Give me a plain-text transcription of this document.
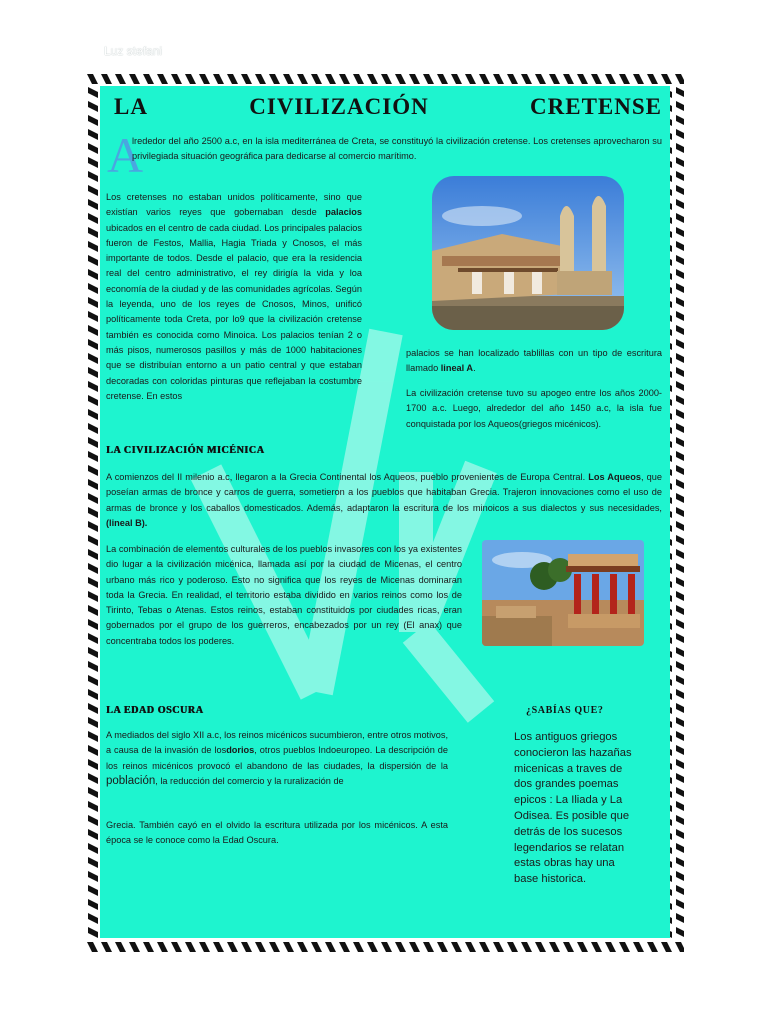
Luz stefani
LA	CIVILIZACIÓN	CRETENSE
A

lrededor del año 2500 a.c, en la isla mediterránea de Creta, se constituyó la civilización cretense. Los cretenses aprovecharon su privilegiada situación geográfica para dedicarse al comercio marítimo.

Los cretenses no estaban unidos políticamente, sino que existían varios reyes que gobernaban desde palacios ubicados en el centro de cada ciudad. Los principales palacios fueron de Festos, Mallia, Hagia Triada y Cnosos, el más importante de todos. Desde el palacio, que era la residencia real del centro administrativo, el rey dirigía la vida y loa economía de la ciudad y de las comunidades agrícolas. Según la leyenda, uno de los reyes de Cnosos, Minos, unificó políticamente toda Creta, por lo9 que la civilización cretense también es conocida como Minoica. Los palacios tenían 2 o más pisos, numerosos pasillos y más de 1000 habitaciones que se distribuían entorno a un patio central y que estaban decoradas con coloridas pinturas que reflejaban la costumbre cretense. En estos

palacios se han localizado tablillas con un tipo de escritura llamado lineal A.

La civilización cretense tuvo su apogeo entre los años 2000-1700 a.c. Luego, alrededor del año 1450 a.c, la isla fue conquistada por los Aqueos(griegos micénicos).

LA CIVILIZACIÓN MICÉNICA

A comienzos del II milenio a.c, llegaron a la Grecia Continental los Aqueos, pueblo provenientes de Europa Central. Los Aqueos, que poseían armas de bronce y carros de guerra, sometieron a los pueblos que habitaban Grecia. Trajeron innovaciones como el uso de armas de bronce y los caballos domesticados. Además, adaptaron la escritura de los minoicos a sus dialectos y sus necesidades, (lineal B).

La combinación de elementos culturales de los pueblos invasores con los ya existentes dio lugar a la civilización micénica, llamada así por la ciudad de Micenas, el centro urbano más rico y poderoso. Esto no significa que los reyes de Micenas dominaran toda la Grecia. En realidad, el territorio estaba dividido en varios reinos como los de Tirinto, Tebas o Atenas. Estos reinos, estaban constituidos por ciudades ricas, eran gobernados por el grupo de los guerreros, encabezados por un rey (El anax) que concentraba todos los poderes.

LA EDAD OSCURA

A mediados del siglo XII a.c, los reinos micénicos sucumbieron, entre otros motivos, a causa de la invasión de losdorios, otros pueblos Indoeuropeo. La descripción de los reinos micénicos provocó el abandono de las ciudades, la dispersión de la población, la reducción del comercio y la ruralización de

Grecia. También cayó en el olvido la escritura utilizada por los micénicos. A esta época se le conoce como la Edad Oscura.

¿SABÍAS QUE?

Los antiguos griegos conocieron las hazañas micenicas a traves de dos grandes poemas epicos : La Iliada y La Odisea. Es posible que detrás de los sucesos legendarios se relatan estas obras hay una base historica.
